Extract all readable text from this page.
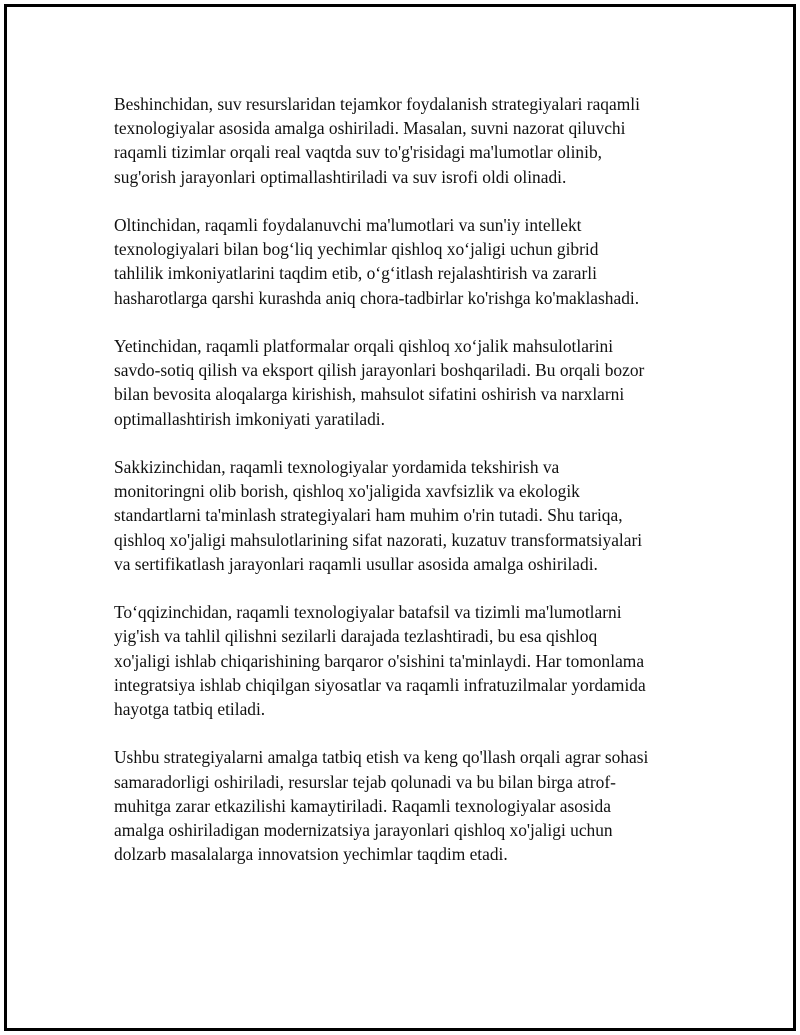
Beshinchidan, suv resurslaridan tejamkor foydalanish strategiyalari raqamli
texnologiyalar asosida amalga oshiriladi. Masalan, suvni nazorat qiluvchi
raqamli tizimlar orqali real vaqtda suv to'g'risidagi ma'lumotlar olinib,
sug'orish jarayonlari optimallashtiriladi va suv isrofi oldi olinadi.

Oltinchidan, raqamli foydalanuvchi ma'lumotlari va sun'iy intellekt
texnologiyalari bilan bog‘liq yechimlar qishloq xo‘jaligi uchun gibrid
tahlilik imkoniyatlarini taqdim etib, o‘g‘itlash rejalashtirish va zararli
hasharotlarga qarshi kurashda aniq chora-tadbirlar ko'rishga ko'maklashadi.

Yetinchidan, raqamli platformalar orqali qishloq xo‘jalik mahsulotlarini
savdo-sotiq qilish va eksport qilish jarayonlari boshqariladi. Bu orqali bozor
bilan bevosita aloqalarga kirishish, mahsulot sifatini oshirish va narxlarni
optimallashtirish imkoniyati yaratiladi.

Sakkizinchidan, raqamli texnologiyalar yordamida tekshirish va
monitoringni olib borish, qishloq xo'jaligida xavfsizlik va ekologik
standartlarni ta'minlash strategiyalari ham muhim o'rin tutadi. Shu tariqa,
qishloq xo'jaligi mahsulotlarining sifat nazorati, kuzatuv transformatsiyalari
va sertifikatlash jarayonlari raqamli usullar asosida amalga oshiriladi.

To‘qqizinchidan, raqamli texnologiyalar batafsil va tizimli ma'lumotlarni
yig'ish va tahlil qilishni sezilarli darajada tezlashtiradi, bu esa qishloq
xo'jaligi ishlab chiqarishining barqaror o'sishini ta'minlaydi. Har tomonlama
integratsiya ishlab chiqilgan siyosatlar va raqamli infratuzilmalar yordamida
hayotga tatbiq etiladi.

Ushbu strategiyalarni amalga tatbiq etish va keng qo'llash orqali agrar sohasi
samaradorligi oshiriladi, resurslar tejab qolunadi va bu bilan birga atrof-
muhitga zarar etkazilishi kamaytiriladi. Raqamli texnologiyalar asosida
amalga oshiriladigan modernizatsiya jarayonlari qishloq xo'jaligi uchun
dolzarb masalalarga innovatsion yechimlar taqdim etadi.
